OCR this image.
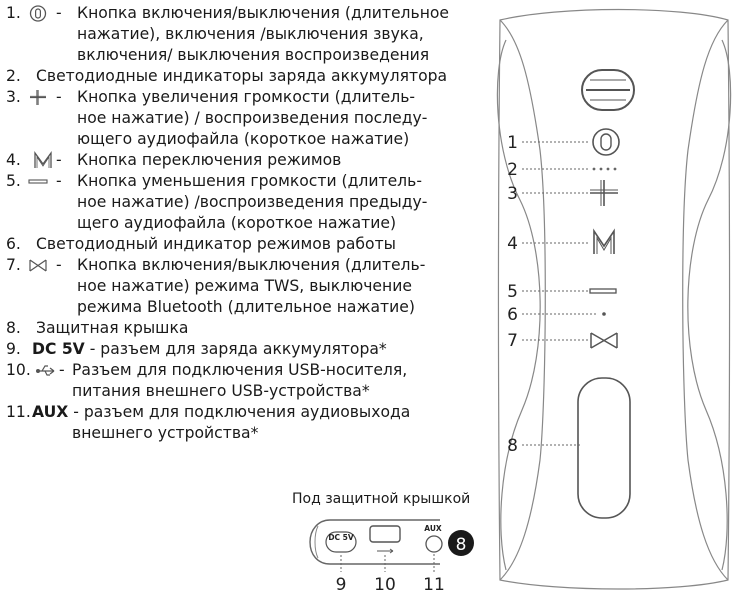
1. - Кнопка включения/выключения (длительное
нажатие), включения /выключения звука,
включения/ выключения воспроизведения
2. Светодиодные индикаторы заряда аккумулятора
3. - Кнопка увеличения громкости (длитель-
ное нажатие) / воспроизведения последу-
ющего аудиофайла (короткое нажатие)
4. - Кнопка переключения режимов
5. - Кнопка уменьшения громкости (длитель-
ное нажатие) /воспроизведения предыду-
щего аудиофайла (короткое нажатие)
6. Светодиодный индикатор режимов работы
7. - Кнопка включения/выключения (длитель-
ное нажатие) режима TWS, выключение
режима Bluetooth (длительное нажатие)
8. Защитная крышка
9. DC 5V - разъем для заряда аккумулятора*
10. - Разъем для подключения USB-носителя,
питания внешнего USB-устройства*
11. AUX - разъем для подключения аудиовыхода
внешнего устройства*
1
2
3
4
5
6
7
8
DC 5V
AUX
8
9 10 11
Под защитной крышкой
